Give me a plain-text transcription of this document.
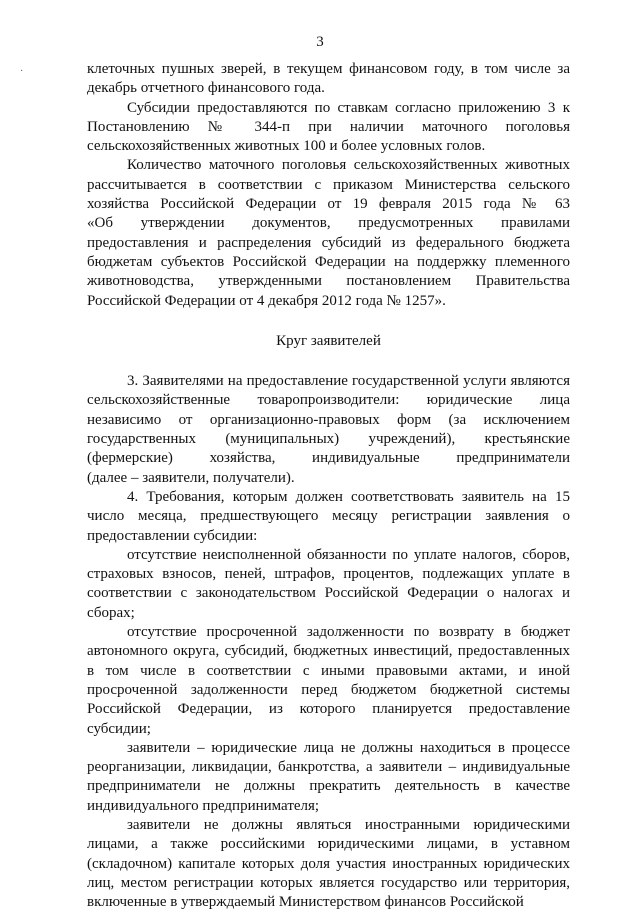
3
·	клеточных пушных зверей, в текущем финансовом году, в том числе за
декабрь отчетного финансового года.

Субсидии предоставляются по ставкам согласно приложению 3 к
Постановлению № 344-п при наличии маточного поголовья
сельскохозяйственных животных 100 и более условных голов.

Количество маточного поголовья сельскохозяйственных животных
рассчитывается в соответствии с приказом Министерства сельского
хозяйства Российской Федерации от 19 февраля 2015 года № 63
«Об утверждении документов, предусмотренных правилами
предоставления и распределения субсидий из федерального бюджета
бюджетам субъектов Российской Федерации на поддержку племенного
животноводства, утвержденными постановлением Правительства
Российской Федерации от 4 декабря 2012 года № 1257».

Круг заявителей

3. Заявителями на предоставление государственной услуги являются
сельскохозяйственные товаропроизводители: юридические лица
независимо от организационно-правовых форм (за исключением
государственных (муниципальных) учреждений), крестьянские
(фермерские) хозяйства, индивидуальные предприниматели
(далее – заявители, получатели).

4. Требования, которым должен соответствовать заявитель на 15
число месяца, предшествующего месяцу регистрации заявления о
предоставлении субсидии:

отсутствие неисполненной обязанности по уплате налогов, сборов,
страховых взносов, пеней, штрафов, процентов, подлежащих уплате в
соответствии с законодательством Российской Федерации о налогах и
сборах;

отсутствие просроченной задолженности по возврату в бюджет
автономного округа, субсидий, бюджетных инвестиций, предоставленных
в том числе в соответствии с иными правовыми актами, и иной
просроченной задолженности перед бюджетом бюджетной системы
Российской Федерации, из которого планируется предоставление
субсидии;

заявители – юридические лица не должны находиться в процессе
реорганизации, ликвидации, банкротства, а заявители – индивидуальные
предприниматели не должны прекратить деятельность в качестве
индивидуального предпринимателя;

заявители не должны являться иностранными юридическими
лицами, а также российскими юридическими лицами, в уставном
(складочном) капитале которых доля участия иностранных юридических
лиц, местом регистрации которых является государство или территория,
включенные в утверждаемый Министерством финансов Российской
